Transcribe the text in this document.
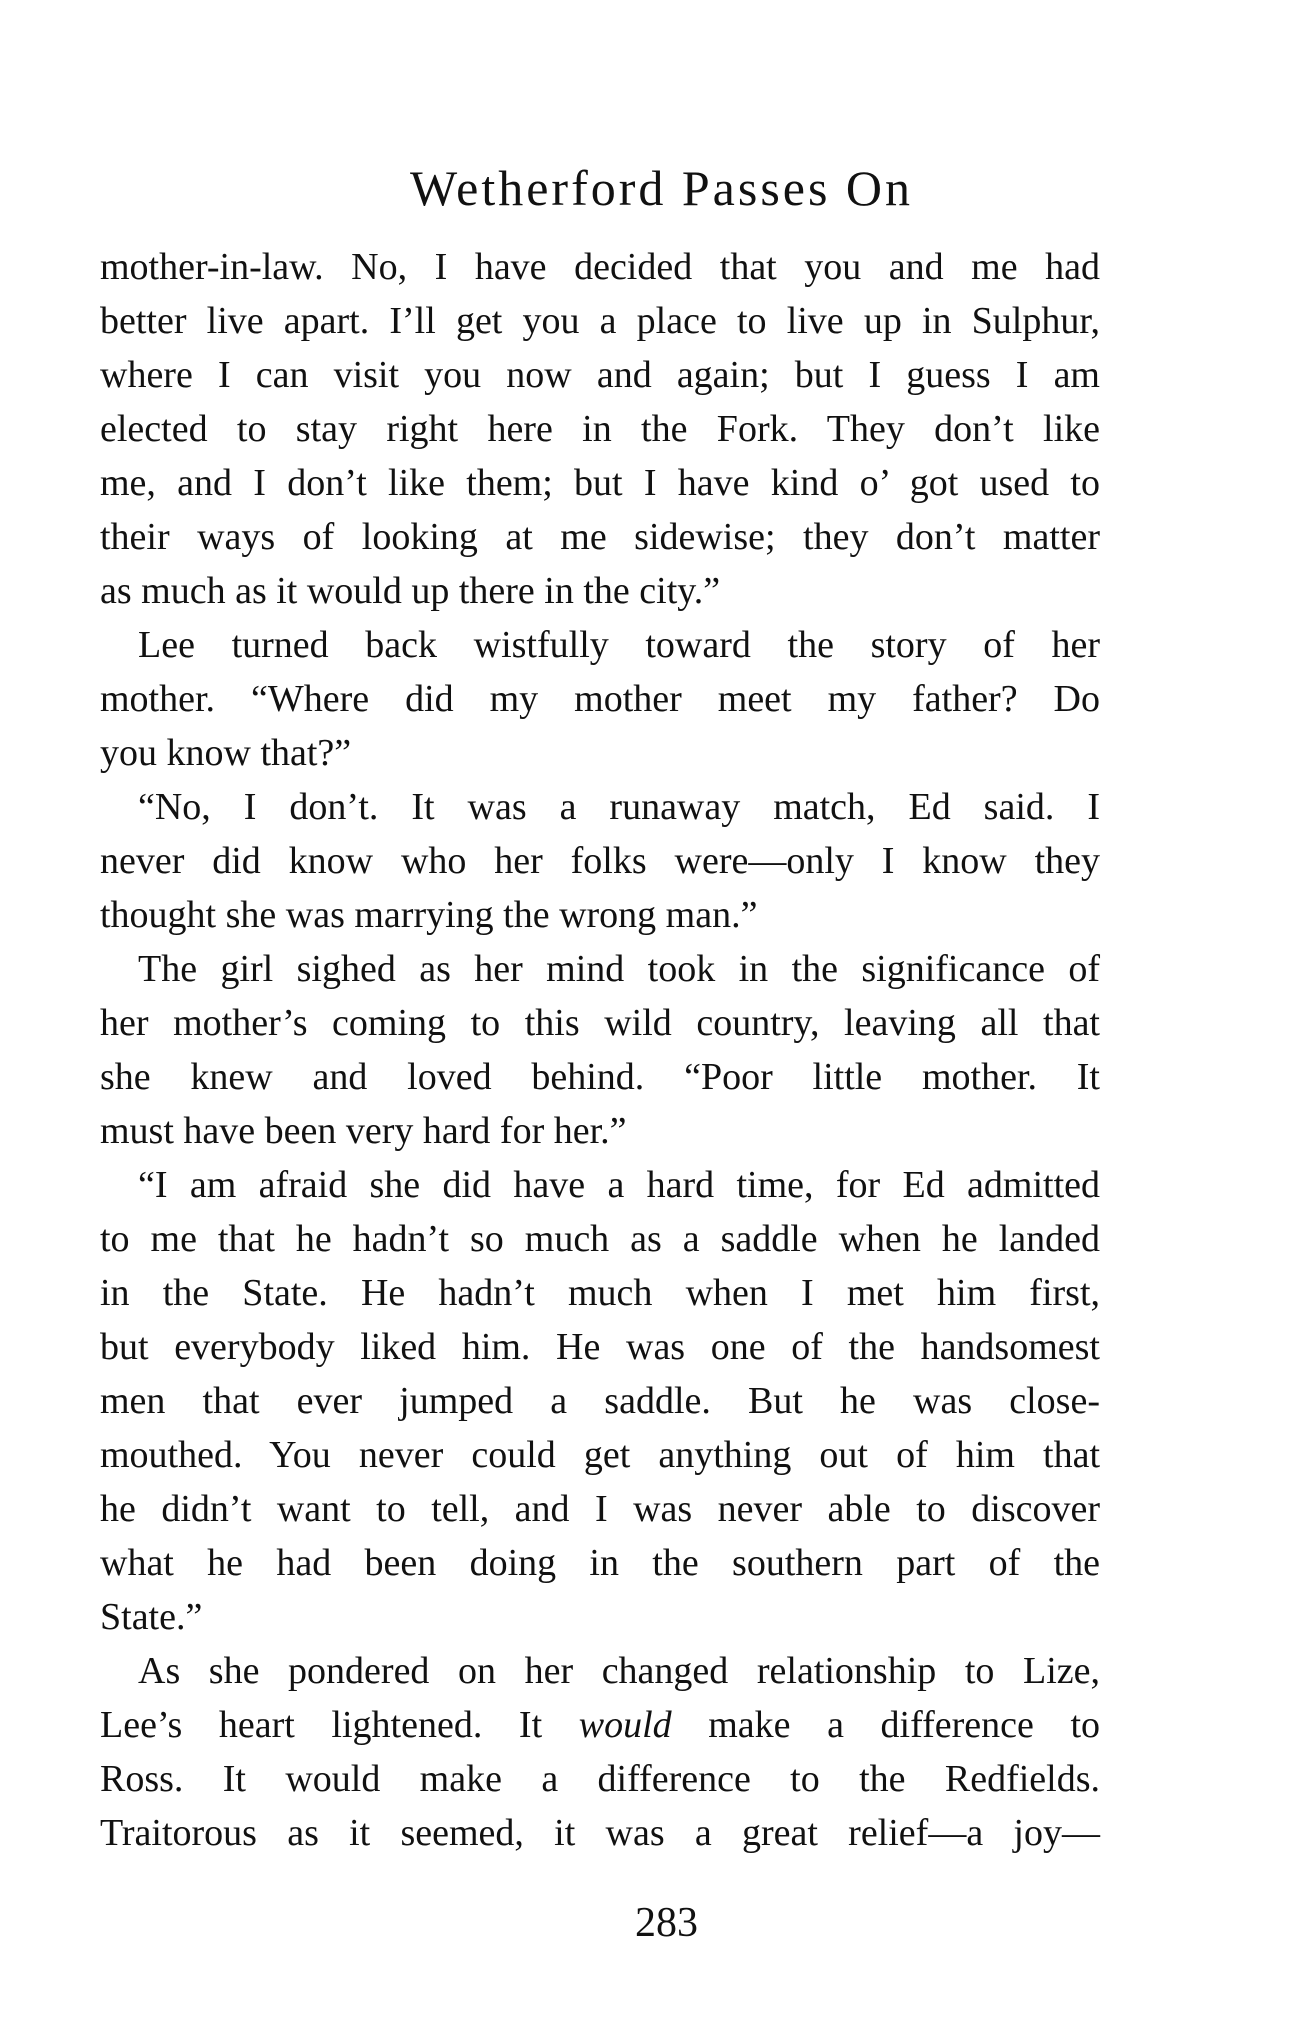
Wetherford Passes On
mother-in-law. No, I have decided that you and me had
better live apart. I’ll get you a place to live up in Sulphur,
where I can visit you now and again; but I guess I am
elected to stay right here in the Fork. They don’t like
me, and I don’t like them; but I have kind o’ got used to
their ways of looking at me sidewise; they don’t matter
as much as it would up there in the city.”
Lee turned back wistfully toward the story of her
mother. “Where did my mother meet my father? Do
you know that?”
“No, I don’t. It was a runaway match, Ed said. I
never did know who her folks were—only I know they
thought she was marrying the wrong man.”
The girl sighed as her mind took in the significance of
her mother’s coming to this wild country, leaving all that
she knew and loved behind. “Poor little mother. It
must have been very hard for her.”
“I am afraid she did have a hard time, for Ed admitted
to me that he hadn’t so much as a saddle when he landed
in the State. He hadn’t much when I met him first,
but everybody liked him. He was one of the handsomest
men that ever jumped a saddle. But he was close-
mouthed. You never could get anything out of him that
he didn’t want to tell, and I was never able to discover
what he had been doing in the southern part of the
State.”
As she pondered on her changed relationship to Lize,
Lee’s heart lightened. It would make a difference to
Ross. It would make a difference to the Redfields.
Traitorous as it seemed, it was a great relief—a joy—
283
